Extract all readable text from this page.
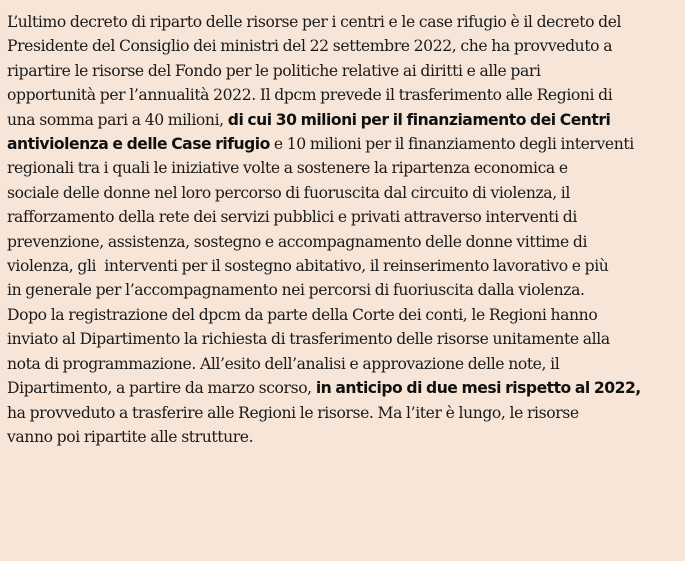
L’ultimo decreto di riparto delle risorse per i centri e le case rifugio è il decreto del
Presidente del Consiglio dei ministri del 22 settembre 2022, che ha provveduto a
ripartire le risorse del Fondo per le politiche relative ai diritti e alle pari
opportunità per l’annualità 2022. Il dpcm prevede il trasferimento alle Regioni di
una somma pari a 40 milioni, di cui 30 milioni per il finanziamento dei Centri
antiviolenza e delle Case rifugio e 10 milioni per il finanziamento degli interventi
regionali tra i quali le iniziative volte a sostenere la ripartenza economica e
sociale delle donne nel loro percorso di fuoruscita dal circuito di violenza, il
rafforzamento della rete dei servizi pubblici e privati attraverso interventi di
prevenzione, assistenza, sostegno e accompagnamento delle donne vittime di
violenza, gli  interventi per il sostegno abitativo, il reinserimento lavorativo e più
in generale per l’accompagnamento nei percorsi di fuoriuscita dalla violenza.
Dopo la registrazione del dpcm da parte della Corte dei conti, le Regioni hanno
inviato al Dipartimento la richiesta di trasferimento delle risorse unitamente alla
nota di programmazione. All’esito dell’analisi e approvazione delle note, il
Dipartimento, a partire da marzo scorso, in anticipo di due mesi rispetto al 2022,
ha provveduto a trasferire alle Regioni le risorse. Ma l’iter è lungo, le risorse
vanno poi ripartite alle strutture.
